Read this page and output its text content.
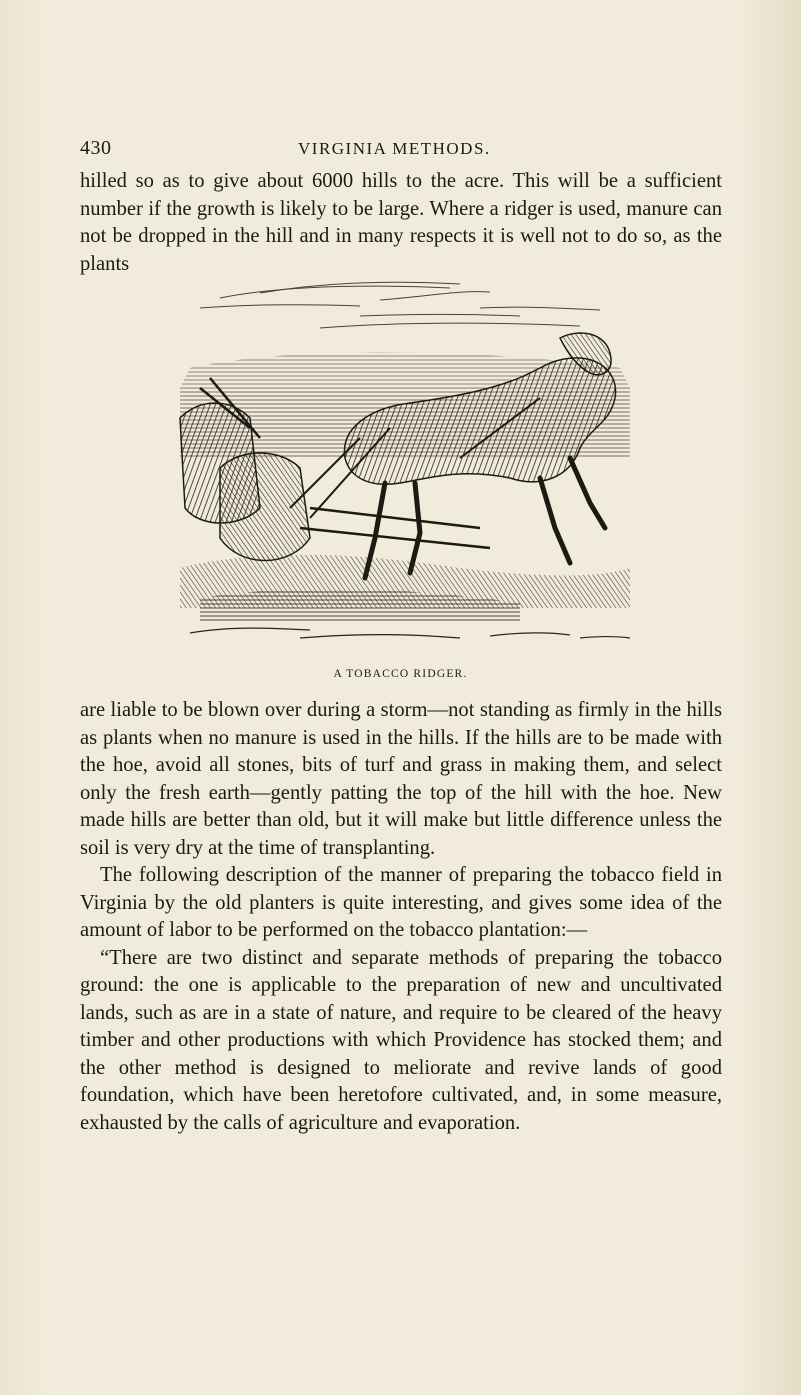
430	VIRGINIA METHODS.

hilled so as to give about 6000 hills to the acre. This will be a sufficient number if the growth is likely to be large. Where a ridger is used, manure can not be dropped in the hill and in many respects it is well not to do so, as the plants

A TOBACCO RIDGER.

are liable to be blown over during a storm—not standing as firmly in the hills as plants when no manure is used in the hills. If the hills are to be made with the hoe, avoid all stones, bits of turf and grass in making them, and select only the fresh earth—gently patting the top of the hill with the hoe. New made hills are better than old, but it will make but little difference unless the soil is very dry at the time of transplanting.

The following description of the manner of preparing the tobacco field in Virginia by the old planters is quite interesting, and gives some idea of the amount of labor to be performed on the tobacco plantation:—

“There are two distinct and separate methods of preparing the tobacco ground: the one is applicable to the preparation of new and uncultivated lands, such as are in a state of nature, and require to be cleared of the heavy timber and other productions with which Providence has stocked them; and the other method is designed to meliorate and revive lands of good foundation, which have been heretofore cultivated, and, in some measure, exhausted by the calls of agriculture and evaporation.
